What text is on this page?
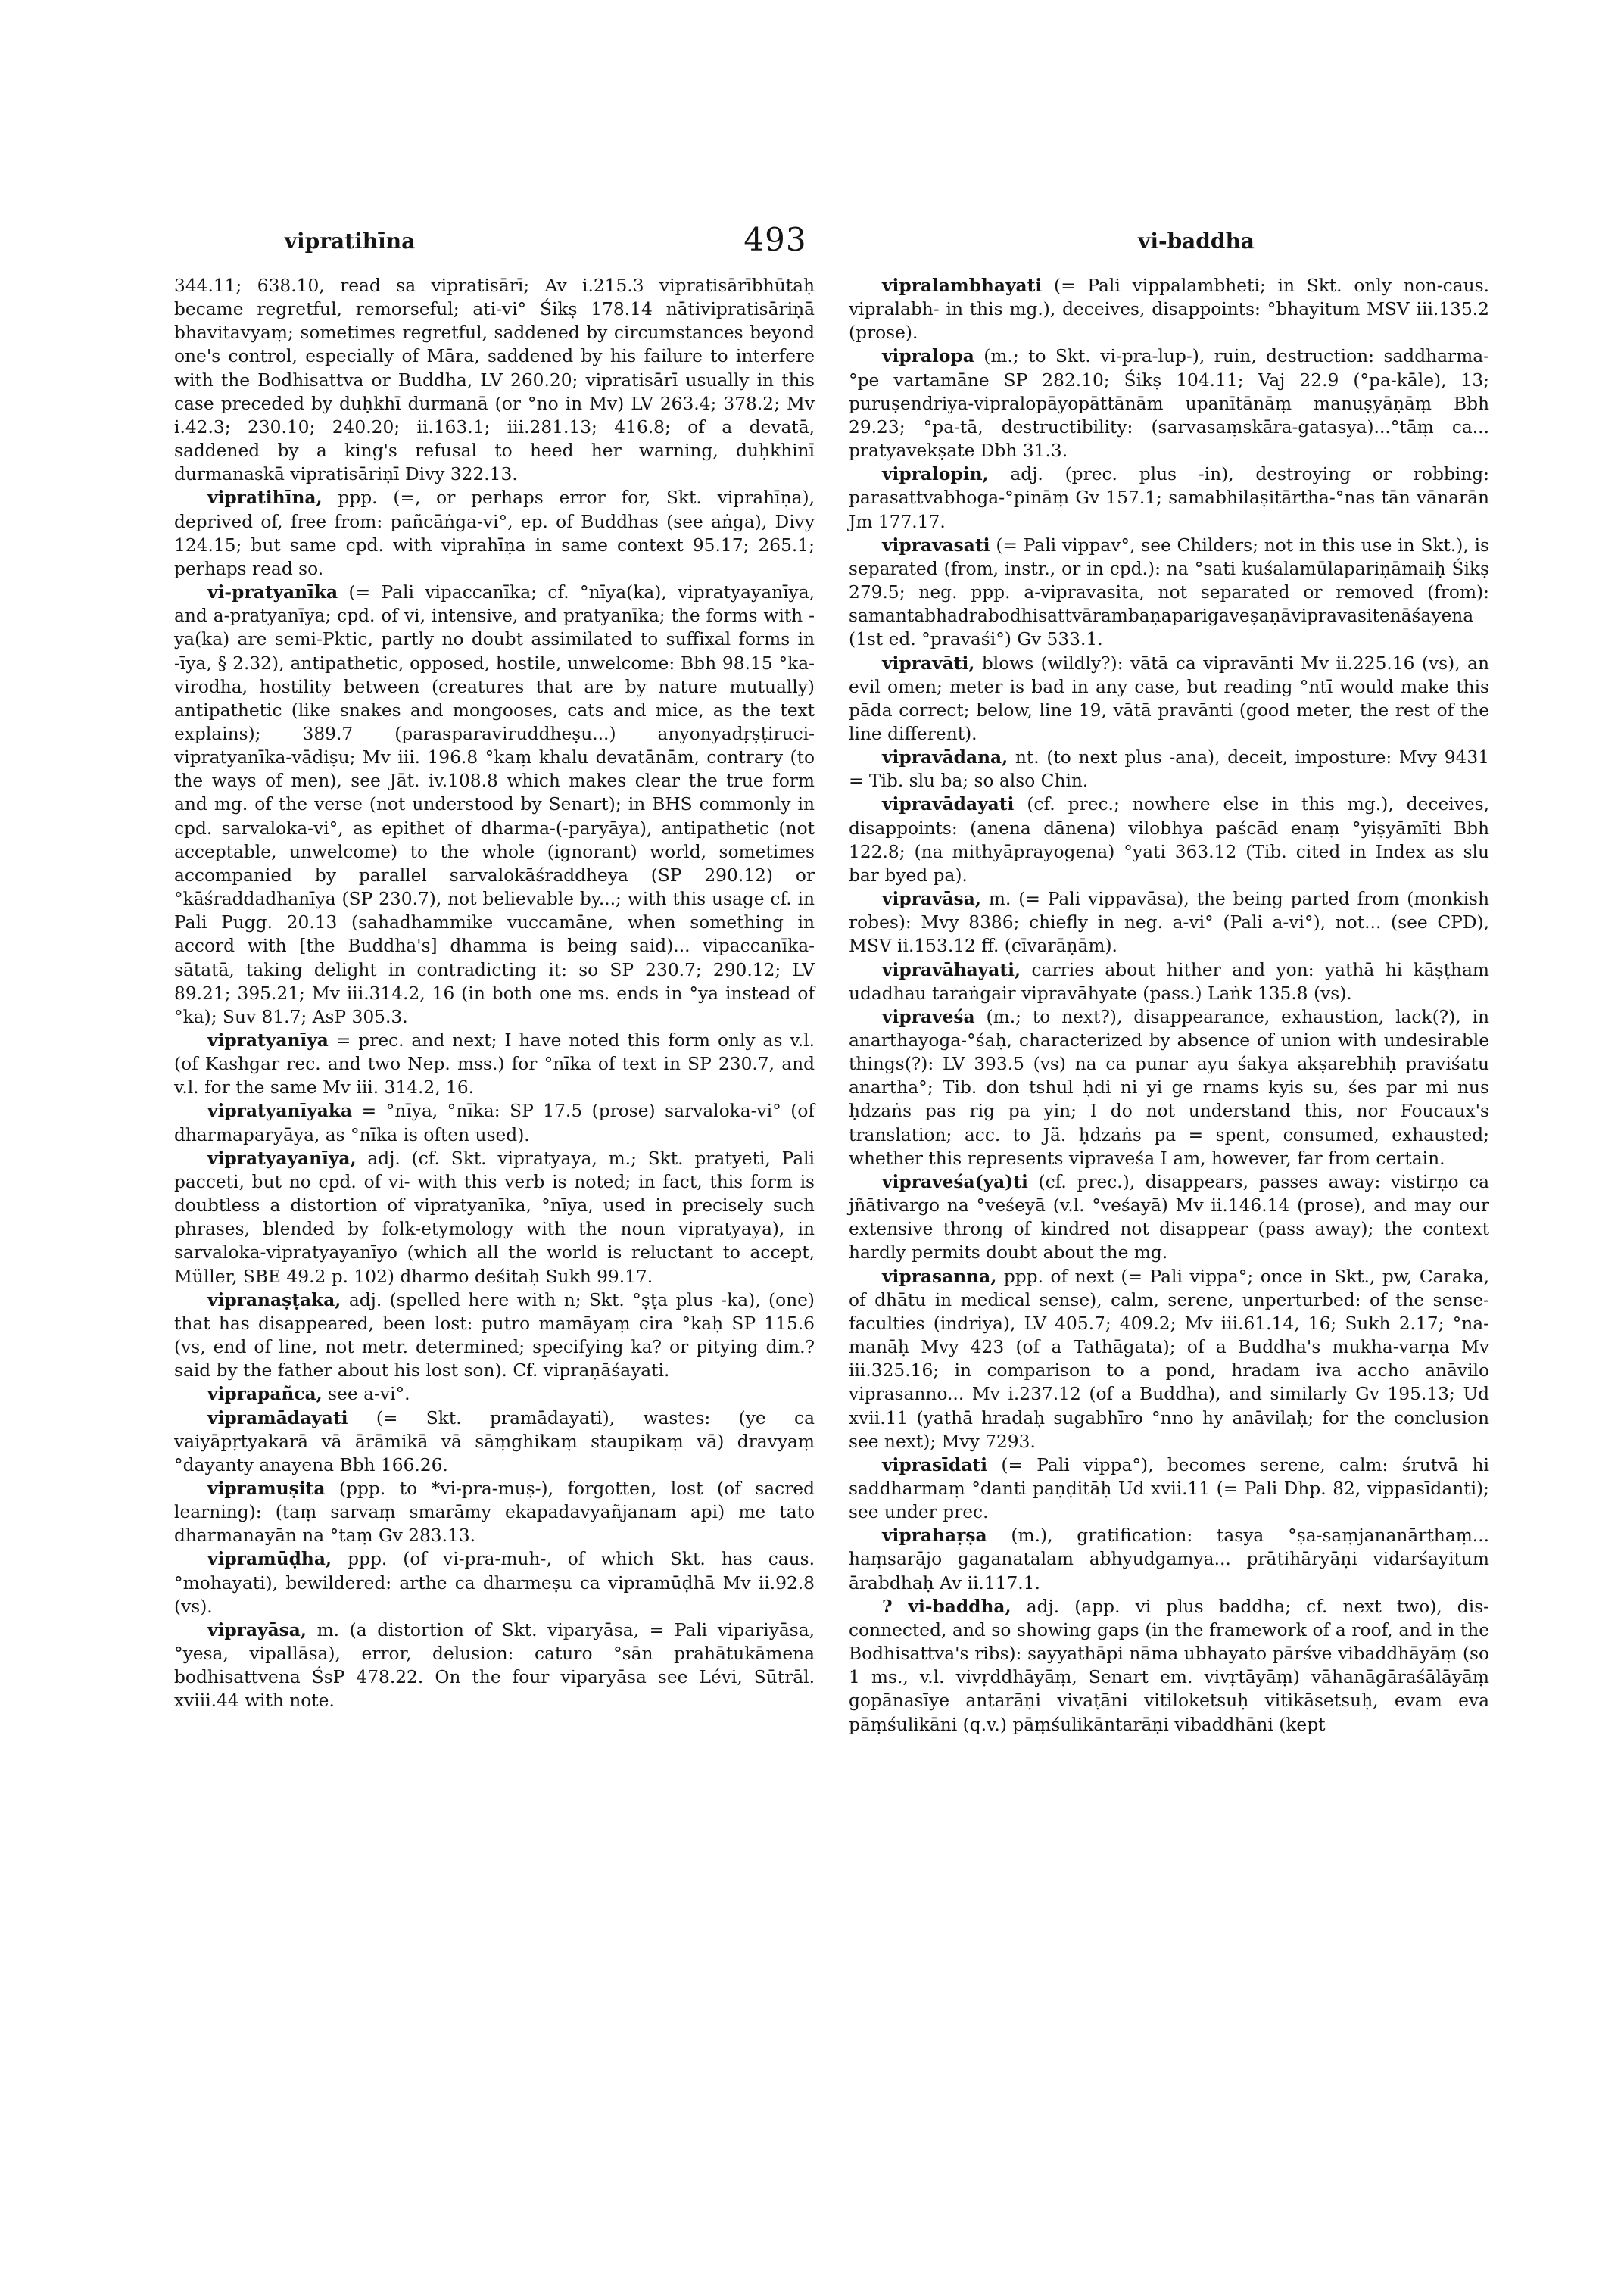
vipratihīna	493	vi-baddha

344.11; 638.10, read sa vipratisārī; Av i.215.3 vipratisārībhūtaḥ became regretful, remorseful; ati-vi° Śikṣ 178.14 nātivipratisāriṇā bhavitavyaṃ; sometimes regretful, saddened by circumstances beyond one's control, especially of Māra, saddened by his failure to interfere with the Bodhisattva or Buddha, LV 260.20; vipratisārī usually in this case preceded by duḥkhī durmanā (or °no in Mv) LV 263.4; 378.2; Mv i.42.3; 230.10; 240.20; ii.163.1; iii.281.13; 416.8; of a devatā, saddened by a king's refusal to heed her warning, duḥkhinī durmanaskā vipratisāriṇī Divy 322.13.

vipratihīna, ppp. (=, or perhaps error for, Skt. viprahīṇa), deprived of, free from: pañcāṅga-vi°, ep. of Buddhas (see aṅga), Divy 124.15; but same cpd. with viprahīṇa in same context 95.17; 265.1; perhaps read so.

vi-pratyanīka (= Pali vipaccanīka; cf. °nīya(ka), vipratyayanīya, and a-pratyanīya; cpd. of vi, intensive, and pratyanīka; the forms with -ya(ka) are semi-Pktic, partly no doubt assimilated to suffixal forms in -īya, § 2.32), antipathetic, opposed, hostile, unwelcome: Bbh 98.15 °ka-virodha, hostility between (creatures that are by nature mutually) antipathetic (like snakes and mongooses, cats and mice, as the text explains); 389.7 (parasparaviruddheṣu...) anyonyadṛṣṭiruci-vipratyanīka-vādiṣu; Mv iii. 196.8 °kaṃ khalu devatānām, contrary (to the ways of men), see Jāt. iv.108.8 which makes clear the true form and mg. of the verse (not understood by Senart); in BHS commonly in cpd. sarvaloka-vi°, as epithet of dharma-(-paryāya), antipathetic (not acceptable, unwelcome) to the whole (ignorant) world, sometimes accompanied by parallel sarvalokāśraddheya (SP 290.12) or °kāśraddadhanīya (SP 230.7), not believable by...; with this usage cf. in Pali Pugg. 20.13 (sahadhammike vuccamāne, when something in accord with [the Buddha's] dhamma is being said)... vipaccanīka-sātatā, taking delight in contradicting it: so SP 230.7; 290.12; LV 89.21; 395.21; Mv iii.314.2, 16 (in both one ms. ends in °ya instead of °ka); Suv 81.7; AsP 305.3.

vipratyanīya = prec. and next; I have noted this form only as v.l. (of Kashgar rec. and two Nep. mss.) for °nīka of text in SP 230.7, and v.l. for the same Mv iii. 314.2, 16.

vipratyanīyaka = °nīya, °nīka: SP 17.5 (prose) sarvaloka-vi° (of dharmaparyāya, as °nīka is often used).

vipratyayanīya, adj. (cf. Skt. vipratyaya, m.; Skt. pratyeti, Pali pacceti, but no cpd. of vi- with this verb is noted; in fact, this form is doubtless a distortion of vipratyanīka, °nīya, used in precisely such phrases, blended by folk-etymology with the noun vipratyaya), in sarvaloka-vipratyayanīyo (which all the world is reluctant to accept, Müller, SBE 49.2 p. 102) dharmo deśitaḥ Sukh 99.17.

vipranaṣṭaka, adj. (spelled here with n; Skt. °ṣṭa plus -ka), (one) that has disappeared, been lost: putro mamāyaṃ cira °kaḥ SP 115.6 (vs, end of line, not metr. determined; specifying ka? or pitying dim.? said by the father about his lost son). Cf. vipraṇāśayati.

viprapañca, see a-vi°.

vipramādayati (= Skt. pramādayati), wastes: (ye ca vaiyāpṛtyakarā vā ārāmikā vā sāṃghikaṃ staupikaṃ vā) dravyaṃ °dayanty anayena Bbh 166.26.

vipramuṣita (ppp. to *vi-pra-muṣ-), forgotten, lost (of sacred learning): (taṃ sarvaṃ smarāmy ekapadavyañjanam api) me tato dharmanayān na °taṃ Gv 283.13.

vipramūḍha, ppp. (of vi-pra-muh-, of which Skt. has caus. °mohayati), bewildered: arthe ca dharmeṣu ca vipramūḍhā Mv ii.92.8 (vs).

viprayāsa, m. (a distortion of Skt. viparyāsa, = Pali vipariyāsa, °yesa, vipallāsa), error, delusion: caturo °sān prahātukāmena bodhisattvena ŚsP 478.22. On the four viparyāsa see Lévi, Sūtrāl. xviii.44 with note.

vipralambhayati (= Pali vippalambheti; in Skt. only non-caus. vipralabh- in this mg.), deceives, disappoints: °bhayitum MSV iii.135.2 (prose).

vipralopa (m.; to Skt. vi-pra-lup-), ruin, destruction: saddharma-°pe vartamāne SP 282.10; Śikṣ 104.11; Vaj 22.9 (°pa-kāle), 13; puruṣendriya-vipralopāyopāttānām upanītānāṃ manuṣyāṇāṃ Bbh 29.23; °pa-tā, destructibility: (sarvasaṃskāra-gatasya)...°tāṃ ca... pratyavekṣate Dbh 31.3.

vipralopin, adj. (prec. plus -in), destroying or robbing: parasattvabhoga-°pināṃ Gv 157.1; samabhilaṣitārtha-°nas tān vānarān Jm 177.17.

vipravasati (= Pali vippav°, see Childers; not in this use in Skt.), is separated (from, instr., or in cpd.): na °sati kuśalamūlapariṇāmaiḥ Śikṣ 279.5; neg. ppp. a-vipravasita, not separated or removed (from): samantabhadrabodhisattvārambaṇaparigaveṣaṇāvipravasitenāśayena (1st ed. °pravaśi°) Gv 533.1.

vipravāti, blows (wildly?): vātā ca vipravānti Mv ii.225.16 (vs), an evil omen; meter is bad in any case, but reading °ntī would make this pāda correct; below, line 19, vātā pravānti (good meter, the rest of the line different).

vipravādana, nt. (to next plus -ana), deceit, imposture: Mvy 9431 = Tib. slu ba; so also Chin.

vipravādayati (cf. prec.; nowhere else in this mg.), deceives, disappoints: (anena dānena) vilobhya paścād enaṃ °yiṣyāmīti Bbh 122.8; (na mithyāprayogena) °yati 363.12 (Tib. cited in Index as slu bar byed pa).

vipravāsa, m. (= Pali vippavāsa), the being parted from (monkish robes): Mvy 8386; chiefly in neg. a-vi° (Pali a-vi°), not... (see CPD), MSV ii.153.12 ff. (cīvarāṇām).

vipravāhayati, carries about hither and yon: yathā hi kāṣṭham udadhau taraṅgair vipravāhyate (pass.) Laṅk 135.8 (vs).

vipraveśa (m.; to next?), disappearance, exhaustion, lack(?), in anarthayoga-°śaḥ, characterized by absence of union with undesirable things(?): LV 393.5 (vs) na ca punar ayu śakya akṣarebhiḥ praviśatu anartha°; Tib. don tshul ḥdi ni yi ge rnams kyis su, śes par mi nus ḥdzaṅs pas rig pa yin; I do not understand this, nor Foucaux's translation; acc. to Jä. ḥdzaṅs pa = spent, consumed, exhausted; whether this represents vipraveśa I am, however, far from certain.

vipraveśa(ya)ti (cf. prec.), disappears, passes away: vistirṇo ca jñātivargo na °veśeyā (v.l. °veśayā) Mv ii.146.14 (prose), and may our extensive throng of kindred not disappear (pass away); the context hardly permits doubt about the mg.

viprasanna, ppp. of next (= Pali vippa°; once in Skt., pw, Caraka, of dhātu in medical sense), calm, serene, unperturbed: of the sense-faculties (indriya), LV 405.7; 409.2; Mv iii.61.14, 16; Sukh 2.17; °na-manāḥ Mvy 423 (of a Tathāgata); of a Buddha's mukha-varṇa Mv iii.325.16; in comparison to a pond, hradam iva accho anāvilo viprasanno... Mv i.237.12 (of a Buddha), and similarly Gv 195.13; Ud xvii.11 (yathā hradaḥ sugabhīro °nno hy anāvilaḥ; for the conclusion see next); Mvy 7293.

viprasīdati (= Pali vippa°), becomes serene, calm: śrutvā hi saddharmaṃ °danti paṇḍitāḥ Ud xvii.11 (= Pali Dhp. 82, vippasīdanti); see under prec.

viprahaṛṣa (m.), gratification: tasya °ṣa-saṃjananārthaṃ... haṃsarājo gaganatalam abhyudgamya... prātihāryāṇi vidarśayitum ārabdhaḥ Av ii.117.1.

? vi-baddha, adj. (app. vi plus baddha; cf. next two), dis-connected, and so showing gaps (in the framework of a roof, and in the Bodhisattva's ribs): sayyathāpi nāma ubhayato pārśve vibaddhāyāṃ (so 1 ms., v.l. vivṛddhāyāṃ, Senart em. vivṛtāyāṃ) vāhanāgāraśālāyāṃ gopānasīye antarāṇi vivaṭāni vitiloketsuḥ vitikāsetsuḥ, evam eva pāṃśulikāni (q.v.) pāṃśulikāntarāṇi vibaddhāni (kept
